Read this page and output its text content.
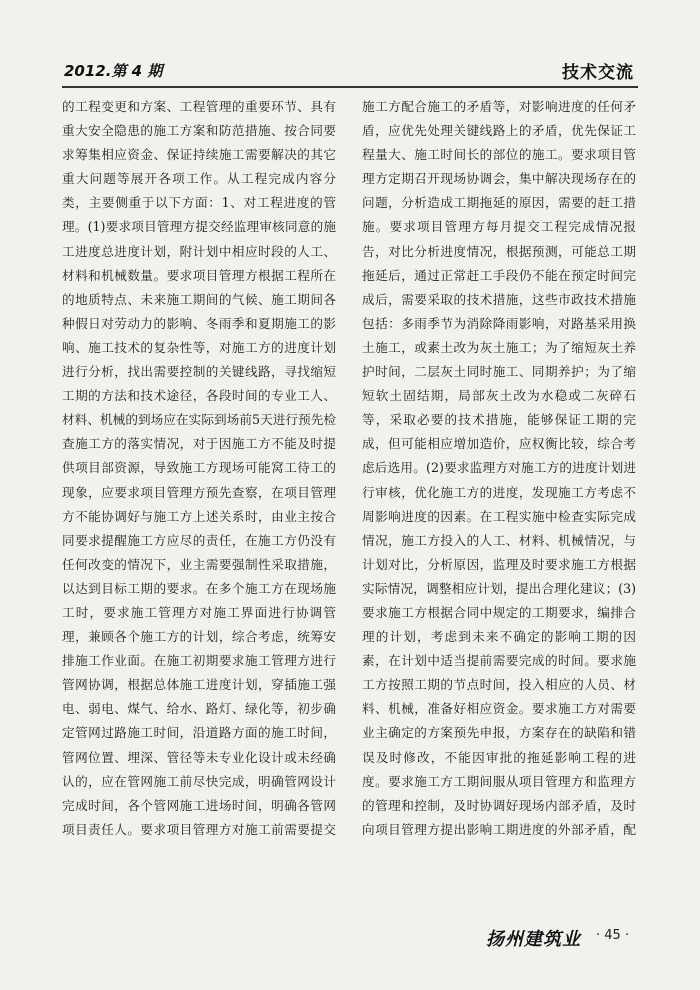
2012.第 4 期	技术交流

的工程变更和方案、工程管理的重要环节、具有重大安全隐患的施工方案和防范措施、按合同要求筹集相应资金、保证持续施工需要解决的其它重大问题等展开各项工作。从工程完成内容分类，主要侧重于以下方面：1、对工程进度的管理。(1)要求项目管理方提交经监理审核同意的施工进度总进度计划，附计划中相应时段的人工、材料和机械数量。要求项目管理方根据工程所在的地质特点、未来施工期间的气候、施工期间各种假日对劳动力的影响、冬雨季和夏期施工的影响、施工技术的复杂性等，对施工方的进度计划进行分析，找出需要控制的关键线路，寻找缩短工期的方法和技术途径，各段时间的专业工人、材料、机械的到场应在实际到场前5天进行预先检查施工方的落实情况，对于因施工方不能及时提供项目部资源，导致施工方现场可能窝工待工的现象，应要求项目管理方预先查察，在项目管理方不能协调好与施工方上述关系时，由业主按合同要求提醒施工方应尽的责任，在施工方仍没有任何改变的情况下，业主需要强制性采取措施，以达到目标工期的要求。在多个施工方在现场施工时，要求施工管理方对施工界面进行协调管理，兼顾各个施工方的计划，综合考虑，统筹安排施工作业面。在施工初期要求施工管理方进行管网协调，根据总体施工进度计划，穿插施工强电、弱电、煤气、给水、路灯、绿化等，初步确定管网过路施工时间，沿道路方面的施工时间，管网位置、埋深、管径等未专业化设计或未经确认的，应在管网施工前尽快完成，明确管网设计完成时间，各个管网施工进场时间，明确各管网项目责任人。要求项目管理方对施工前需要提交

施工方配合施工的矛盾等，对影响进度的任何矛盾，应优先处理关键线路上的矛盾，优先保证工程量大、施工时间长的部位的施工。要求项目管理方定期召开现场协调会，集中解决现场存在的问题，分析造成工期拖延的原因，需要的赶工措施。要求项目管理方每月提交工程完成情况报告，对比分析进度情况，根据预测，可能总工期拖延后，通过正常赶工手段仍不能在预定时间完成后，需要采取的技术措施，这些市政技术措施包括：多雨季节为消除降雨影响，对路基采用换土施工，或素土改为灰土施工；为了缩短灰土养护时间，二层灰土同时施工、同期养护；为了缩短软土固结期，局部灰土改为水稳或二灰碎石等，采取必要的技术措施，能够保证工期的完成，但可能相应增加造价，应权衡比较，综合考虑后选用。(2)要求监理方对施工方的进度计划进行审核，优化施工方的进度，发现施工方考虑不周影响进度的因素。在工程实施中检查实际完成情况，施工方投入的人工、材料、机械情况，与计划对比，分析原因，监理及时要求施工方根据实际情况，调整相应计划，提出合理化建议；(3)要求施工方根据合同中规定的工期要求，编排合理的计划，考虑到未来不确定的影响工期的因素，在计划中适当提前需要完成的时间。要求施工方按照工期的节点时间，投入相应的人员、材料、机械，准备好相应资金。要求施工方对需要业主确定的方案预先申报，方案存在的缺陷和错误及时修改，不能因审批的拖延影响工程的进度。要求施工方工期间服从项目管理方和监理方的管理和控制，及时协调好现场内部矛盾，及时向项目管理方提出影响工期进度的外部矛盾，配

扬州建筑业 · 45 ·
